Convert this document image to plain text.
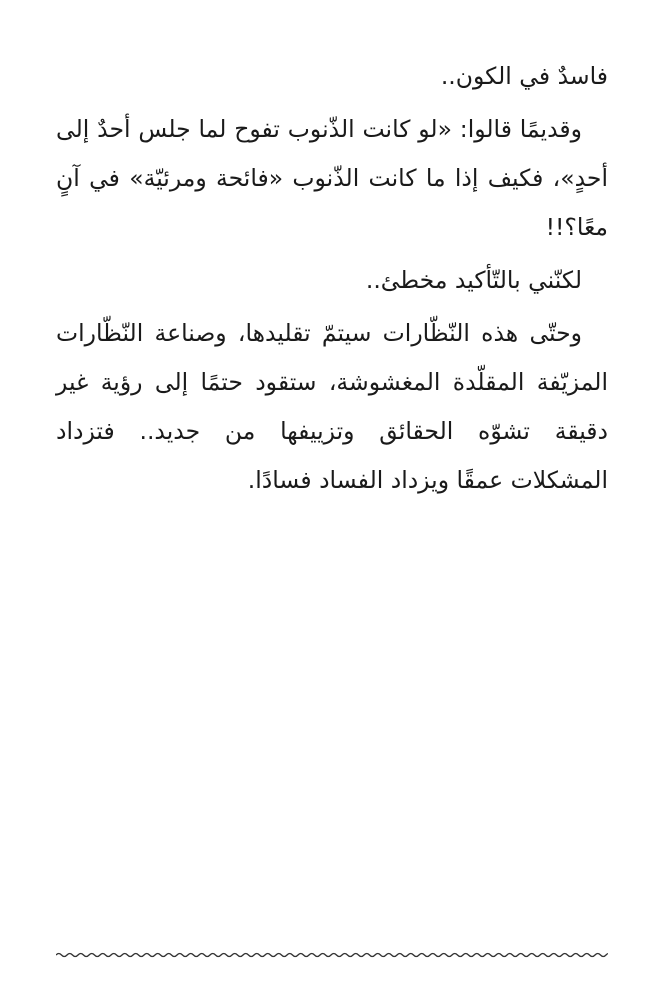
فاسدٌ في الكون..

وقديمًا قالوا: «لو كانت الذّنوب تفوح لما جلس أحدٌ إلى أحدٍ»، فكيف إذا ما كانت الذّنوب «فائحة ومرئيّة» في آنٍ معًا؟!!

لكنّني بالتّأكيد مخطئ..

وحتّى هذه النّظّارات سيتمّ تقليدها، وصناعة النّظّارات المزيّفة المقلّدة المغشوشة، ستقود حتمًا إلى رؤية غير دقيقة تشوّه الحقائق وتزييفها من جديد.. فتزداد المشكلات عمقًا ويزداد الفساد فسادًا.
